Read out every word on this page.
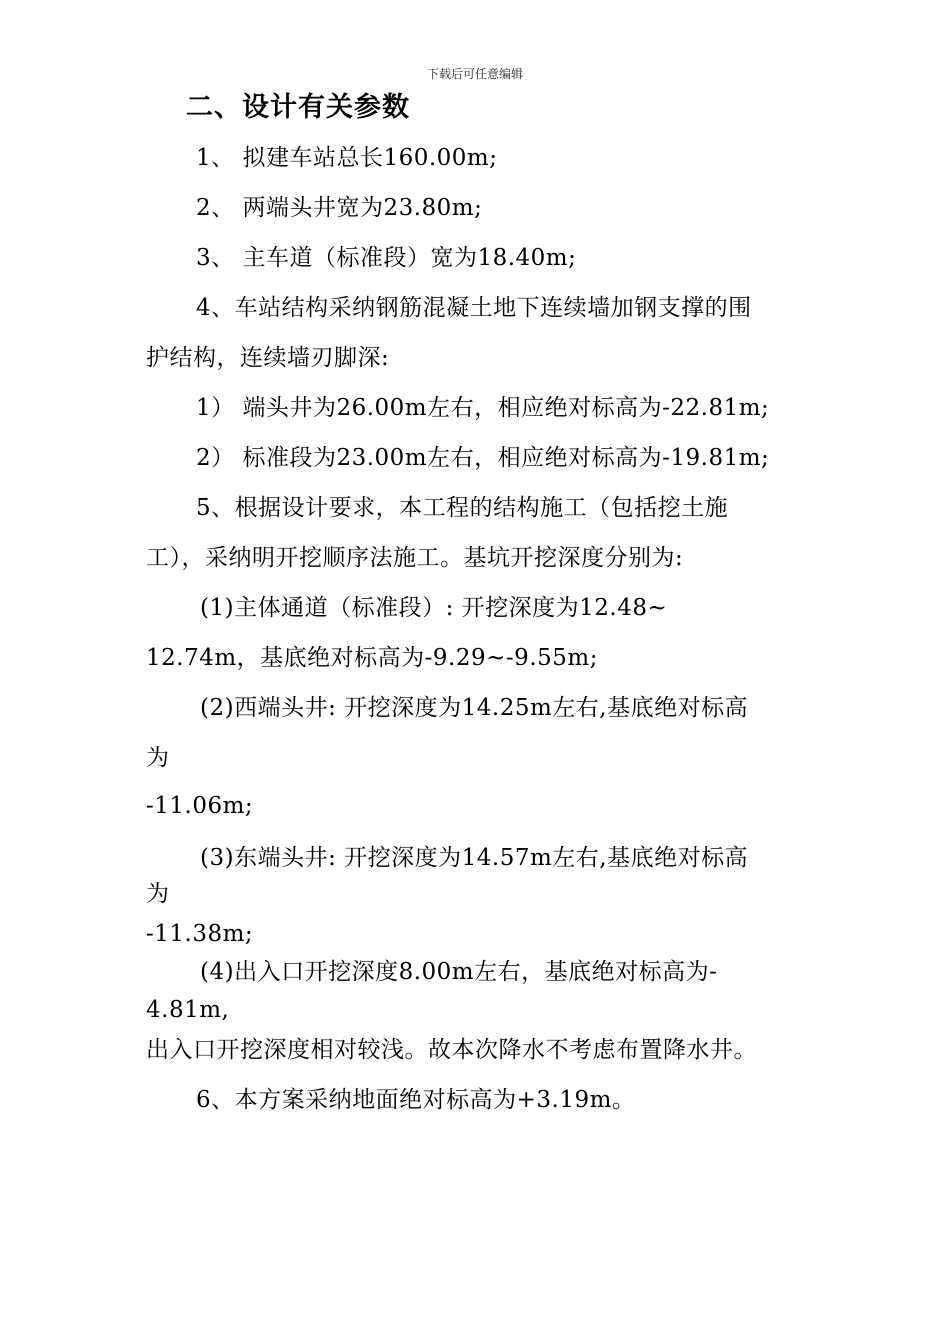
下载后可任意编辑
二、设计有关参数
1、 拟建车站总长160.00m;
2、 两端头井宽为23.80m;
3、 主车道（标准段）宽为18.40m;
4、车站结构采纳钢筋混凝土地下连续墙加钢支撑的围
护结构，连续墙刃脚深:
1） 端头井为26.00m左右，相应绝对标高为-22.81m;
2） 标准段为23.00m左右，相应绝对标高为-19.81m;
5、根据设计要求，本工程的结构施工（包括挖土施
工），采纳明开挖顺序法施工。基坑开挖深度分别为:
(1)主体通道（标准段）: 开挖深度为12.48~
12.74m，基底绝对标高为-9.29~-9.55m;
(2)西端头井: 开挖深度为14.25m左右,基底绝对标高
为
-11.06m;
(3)东端头井: 开挖深度为14.57m左右,基底绝对标高
为
-11.38m;
(4)出入口开挖深度8.00m左右，基底绝对标高为-
4.81m,
出入口开挖深度相对较浅。故本次降水不考虑布置降水井。
6、本方案采纳地面绝对标高为+3.19m。
